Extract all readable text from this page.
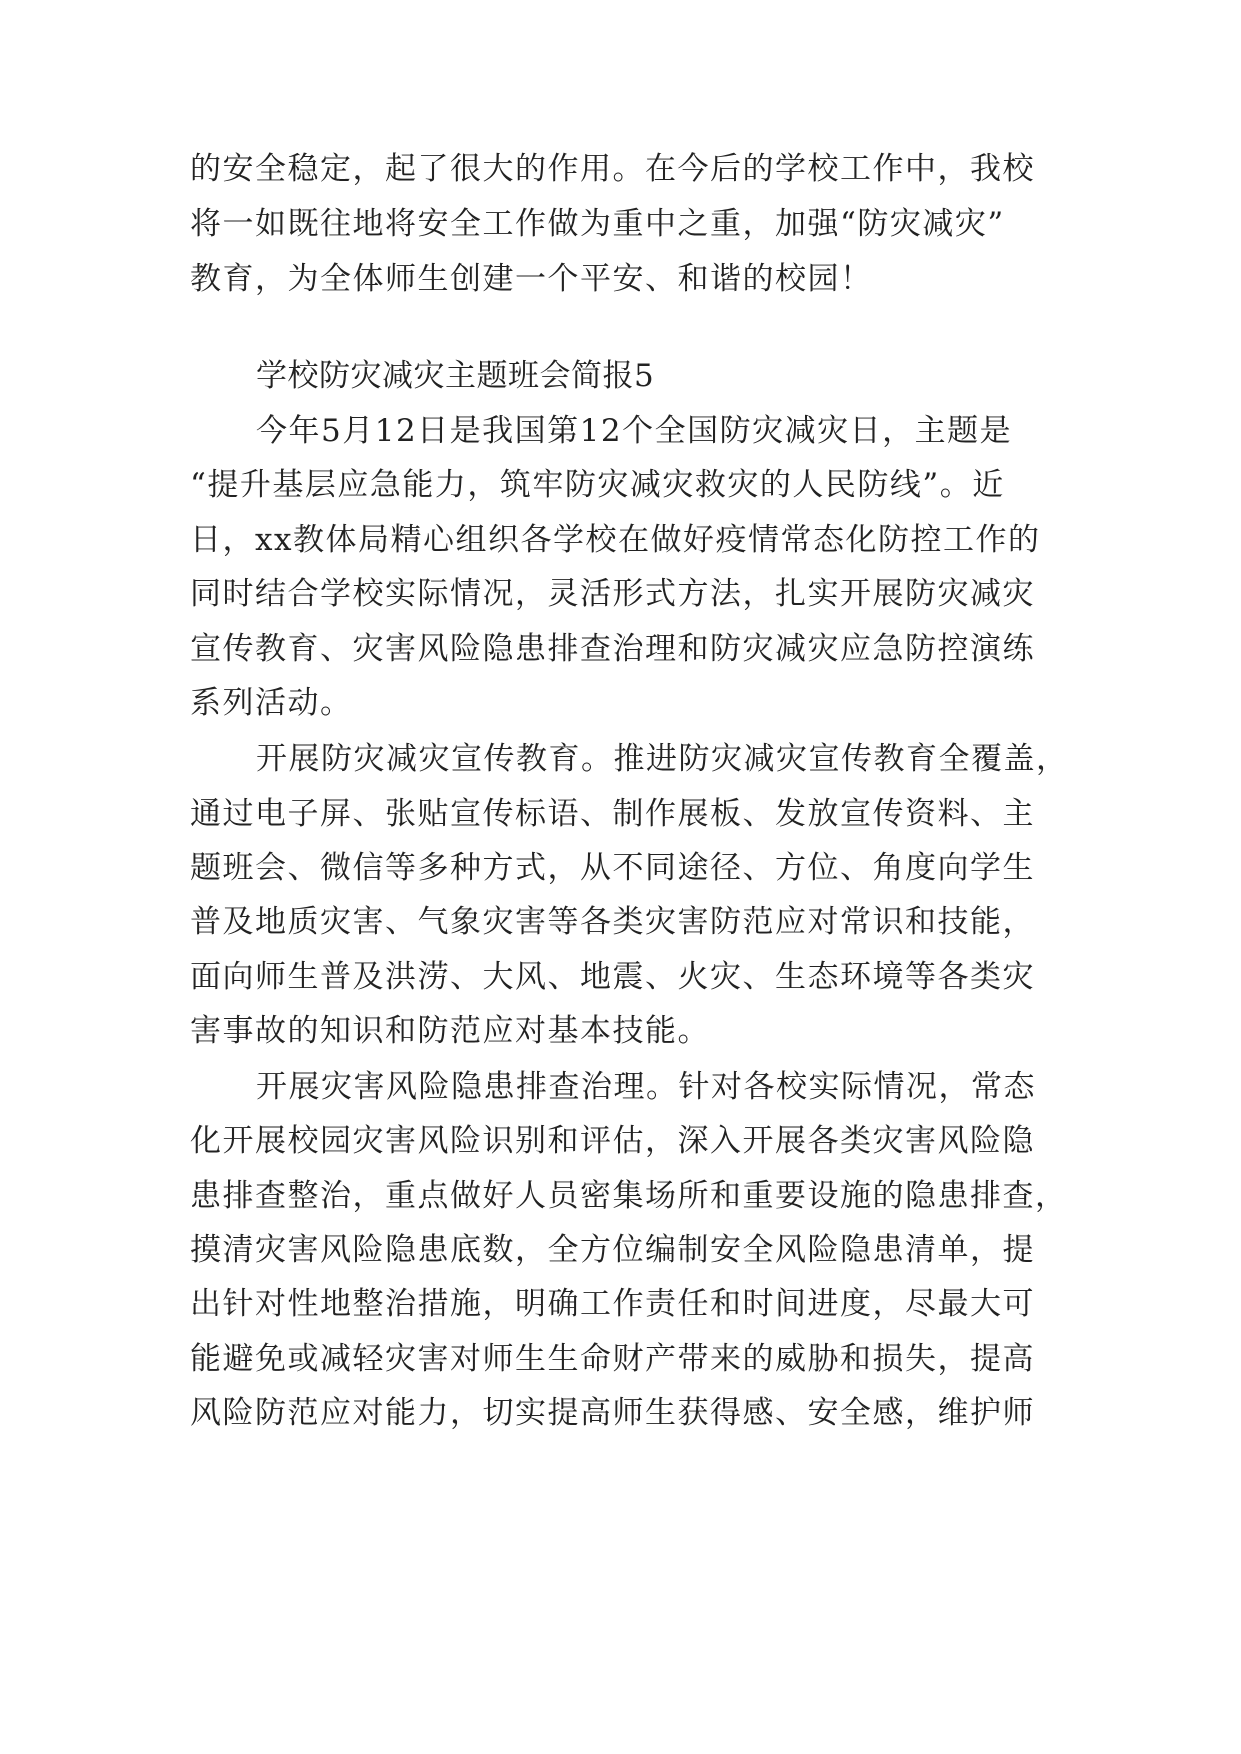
的安全稳定，起了很大的作用。在今后的学校工作中，我校
将一如既往地将安全工作做为重中之重，加强“防灾减灾”
教育，为全体师生创建一个平安、和谐的校园！
学校防灾减灾主题班会简报5
今年5月12日是我国第12个全国防灾减灾日，主题是
“提升基层应急能力，筑牢防灾减灾救灾的人民防线”。近
日，xx教体局精心组织各学校在做好疫情常态化防控工作的
同时结合学校实际情况，灵活形式方法，扎实开展防灾减灾
宣传教育、灾害风险隐患排查治理和防灾减灾应急防控演练
系列活动。
开展防灾减灾宣传教育。推进防灾减灾宣传教育全覆盖，
通过电子屏、张贴宣传标语、制作展板、发放宣传资料、主
题班会、微信等多种方式，从不同途径、方位、角度向学生
普及地质灾害、气象灾害等各类灾害防范应对常识和技能，
面向师生普及洪涝、大风、地震、火灾、生态环境等各类灾
害事故的知识和防范应对基本技能。
开展灾害风险隐患排查治理。针对各校实际情况，常态
化开展校园灾害风险识别和评估，深入开展各类灾害风险隐
患排查整治，重点做好人员密集场所和重要设施的隐患排查，
摸清灾害风险隐患底数，全方位编制安全风险隐患清单，提
出针对性地整治措施，明确工作责任和时间进度，尽最大可
能避免或减轻灾害对师生生命财产带来的威胁和损失，提高
风险防范应对能力，切实提高师生获得感、安全感，维护师
